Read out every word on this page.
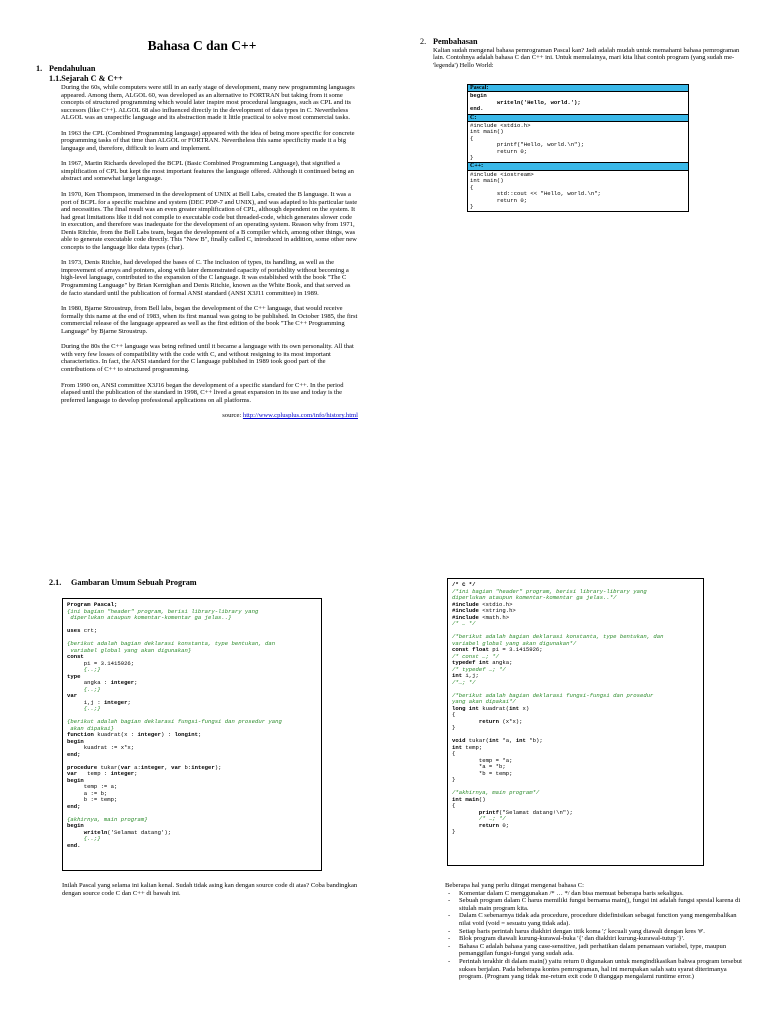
Bahasa C dan C++
1. Pendahuluan
1.1.Sejarah C & C++
During the 60s, while computers were still in an early stage of development, many new programming languages appeared. Among them, ALGOL 60, was developed as an alternative to FORTRAN but taking from it some concepts of structured programming which would later inspire most procedural languages, such as CPL and its succesors (like C++). ALGOL 68 also influenced directly in the development of data types in C. Nevertheless ALGOL was an unspecific language and its abstraction made it little practical to solve most commercial tasks.
In 1963 the CPL (Combined Programming language) appeared with the idea of being more specific for concrete programming tasks of that time than ALGOL or FORTRAN. Nevertheless this same specificity made it a big language and, therefore, difficult to learn and implement.
In 1967, Martin Richards developed the BCPL (Basic Combined Programming Language), that signified a simplification of CPL but kept the most important features the language offered. Although it continued being an abstract and somewhat large language.
In 1970, Ken Thompson, immersed in the development of UNIX at Bell Labs, created the B language. It was a port of BCPL for a specific machine and system (DEC PDP-7 and UNIX), and was adapted to his particular taste and necessities. The final result was an even greater simplification of CPL, although dependent on the system. It had great limitations like it did not compile to executable code but threaded-code, which generates slower code in execution, and therefore was inadequate for the development of an operating system. Reason why from 1971, Denis Ritchie, from the Bell Labs team, began the development of a B compiler which, among other things, was able to generate executable code directly. This "New B", finally called C, introduced in addition, some other new concepts to the language like data types (char).
In 1973, Denis Ritchie, had developed the bases of C. The inclusion of types, its handling, as well as the improvement of arrays and pointers, along with later demonstrated capacity of portability without becoming a high-level language, contributed to the expansion of the C language. It was established with the book "The C Programming Language" by Brian Kernighan and Denis Ritchie, known as the White Book, and that served as de facto standard until the publication of formal ANSI standard (ANSI X3J11 committee) in 1989.
In 1980, Bjarne Stroustrup, from Bell labs, began the development of the C++ language, that would receive formally this name at the end of 1983, when its first manual was going to be published. In October 1985, the first commercial release of the language appeared as well as the first edition of the book "The C++ Programming Language" by Bjarne Stroustrup.
During the 80s the C++ language was being refined until it became a language with its own personality. All that with very few losses of compatibility with the code with C, and without resigning to its most important characteristics. In fact, the ANSI standard for the C language published in 1989 took good part of the contributions of C++ to structured programming.
From 1990 on, ANSI committee X3J16 began the development of a specific standard for C++. In the period elapsed until the publication of the standard in 1998, C++ lived a great expansion in its use and today is the preferred language to develop professional applications on all platforms.
source: http://www.cplusplus.com/info/history.html
2. Pembahasan
Kalian sudah mengenal bahasa pemrograman Pascal kan? Jadi adalah mudah untuk memahami bahasa pemrograman lain. Contohnya adalah bahasa C dan C++ ini. Untuk memulainya, mari kita lihat contoh program (yang sudah me-'legenda') Hello World:
Pascal:
begin
writeln('Hello, world.');
end.
C:
#include <stdio.h>
int main()
{
printf("Hello, world.\n");
return 0;
}
C++:
#include <iostream>
int main()
{
std::cout << "Hello, world.\n";
return 0;
}
2.1. Gambaran Umum Sebuah Program
Program Pascal;
{ini bagian "header" program, berisi library-library yang
diperlukan ataupun komentar-komentar ga jelas..}

uses crt;

{berikut adalah bagian deklarasi konstanta, type bentukan, dan
variabel global yang akan digunakan}
const
pi = 3.1415926;
{..;}
type
angka : integer;
{..;}
var
i,j : integer;
{..;}

{berikut adalah bagian deklarasi fungsi-fungsi dan prosedur yang
akan dipakai}
function kuadrat(x : integer) : longint;
begin
kuadrat := x*x;
end;

procedure tukar(var a:integer, var b:integer);
var   temp : integer;
begin
temp := a;
a := b;
b := temp;
end;

{akhirnya, main program}
begin
writeln('Selamat datang');
{..;}
end.
/* C */
/*ini bagian "header" program, berisi library-library yang
diperlukan ataupun komentar-komentar ga jelas..*/
#include <stdio.h>
#include <string.h>
#include <math.h>
/* … */

/*berikut adalah bagian deklarasi konstanta, type bentukan, dan
variabel global yang akan digunakan*/
const float pi = 3.1415926;
/* const …; */
typedef int angka;
/* typedef …; */
int i,j;
/*…; */

/*berikut adalah bagian deklarasi fungsi-fungsi dan prosedur
yang akan dipakai*/
long int kuadrat(int x)
{
return (x*x);
}

void tukar(int *a, int *b);
int temp;
{
temp = *a;
*a = *b;
*b = temp;
}

/*akhirnya, main program*/
int main()
{
printf("Selamat datang!\n");
/* …; */
return 0;
}
Inilah Pascal yang selama ini kalian kenal. Sudah tidak asing kan dengan source code di atas? Coba bandingkan dengan source code C dan C++ di bawah ini.
Beberapa hal yang perlu diingat mengenai bahasa C:
- Komentar dalam C menggunakan /* … */ dan bisa memuat beberapa baris sekaligus.
- Sebuah program dalam C harus memiliki fungsi bernama main(), fungsi ini adalah fungsi spesial karena di situlah main program kita.
- Dalam C sebenarnya tidak ada procedure, procedure didefinisikan sebagai function yang mengembalikan nilai void (void = sesuatu yang tidak ada).
- Setiap baris perintah harus diakhiri dengan titik koma ';' kecuali yang diawali dengan kres '#'.
- Blok program diawali kurung-kurawal-buka '{' dan diakhiri kurung-kurawal-tutup '}'.
- Bahasa C adalah bahasa yang case-sensitive, jadi perhatikan dalam penamaan variabel, type, maupun pemanggilan fungsi-fungsi yang sudah ada.
- Perintah terakhir di dalam main() yaitu return 0 digunakan untuk mengindikasikan bahwa program tersebut sukses berjalan. Pada beberapa kontes pemrograman, hal ini merupakan salah satu syarat diterimanya program. (Program yang tidak me-return exit code 0 dianggap mengalami runtime error.)
